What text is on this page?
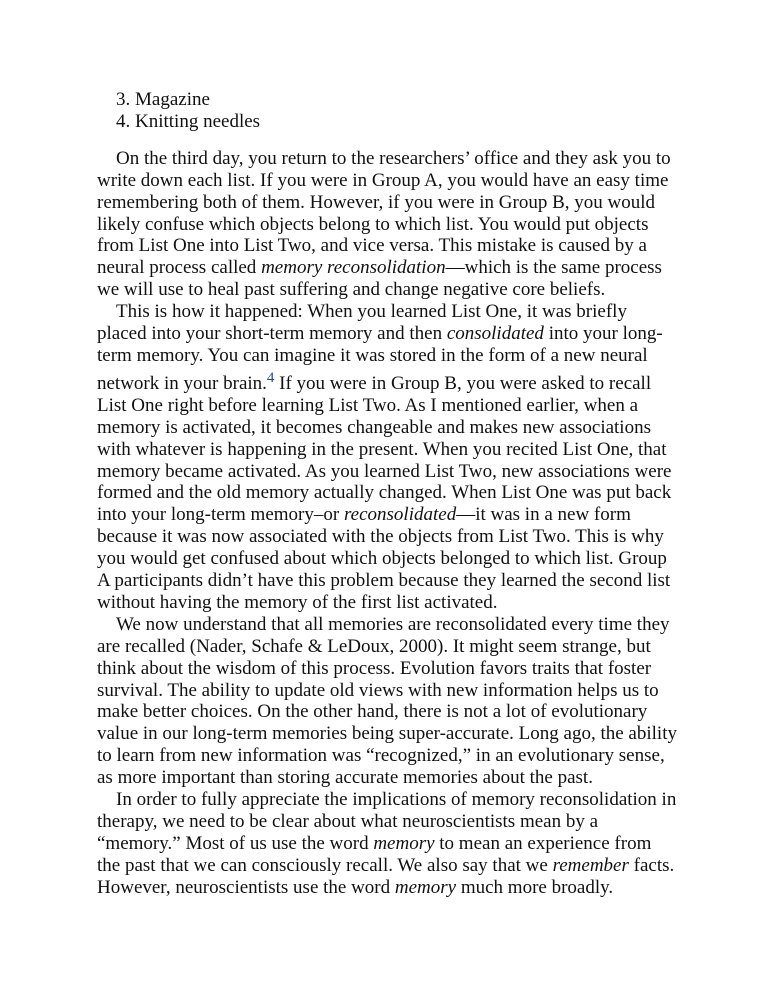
3. Magazine
4. Knitting needles
On the third day, you return to the researchers’ office and they ask you to
write down each list. If you were in Group A, you would have an easy time
remembering both of them. However, if you were in Group B, you would
likely confuse which objects belong to which list. You would put objects
from List One into List Two, and vice versa. This mistake is caused by a
neural process called memory reconsolidation—which is the same process
we will use to heal past suffering and change negative core beliefs.
This is how it happened: When you learned List One, it was briefly
placed into your short-term memory and then consolidated into your long-
term memory. You can imagine it was stored in the form of a new neural
network in your brain.$^4$ If you were in Group B, you were asked to recall
List One right before learning List Two. As I mentioned earlier, when a
memory is activated, it becomes changeable and makes new associations
with whatever is happening in the present. When you recited List One, that
memory became activated. As you learned List Two, new associations were
formed and the old memory actually changed. When List One was put back
into your long-term memory–or reconsolidated—it was in a new form
because it was now associated with the objects from List Two. This is why
you would get confused about which objects belonged to which list. Group
A participants didn’t have this problem because they learned the second list
without having the memory of the first list activated.
We now understand that all memories are reconsolidated every time they
are recalled (Nader, Schafe & LeDoux, 2000). It might seem strange, but
think about the wisdom of this process. Evolution favors traits that foster
survival. The ability to update old views with new information helps us to
make better choices. On the other hand, there is not a lot of evolutionary
value in our long-term memories being super-accurate. Long ago, the ability
to learn from new information was “recognized,” in an evolutionary sense,
as more important than storing accurate memories about the past.
In order to fully appreciate the implications of memory reconsolidation in
therapy, we need to be clear about what neuroscientists mean by a
“memory.” Most of us use the word memory to mean an experience from
the past that we can consciously recall. We also say that we remember facts.
However, neuroscientists use the word memory much more broadly.
